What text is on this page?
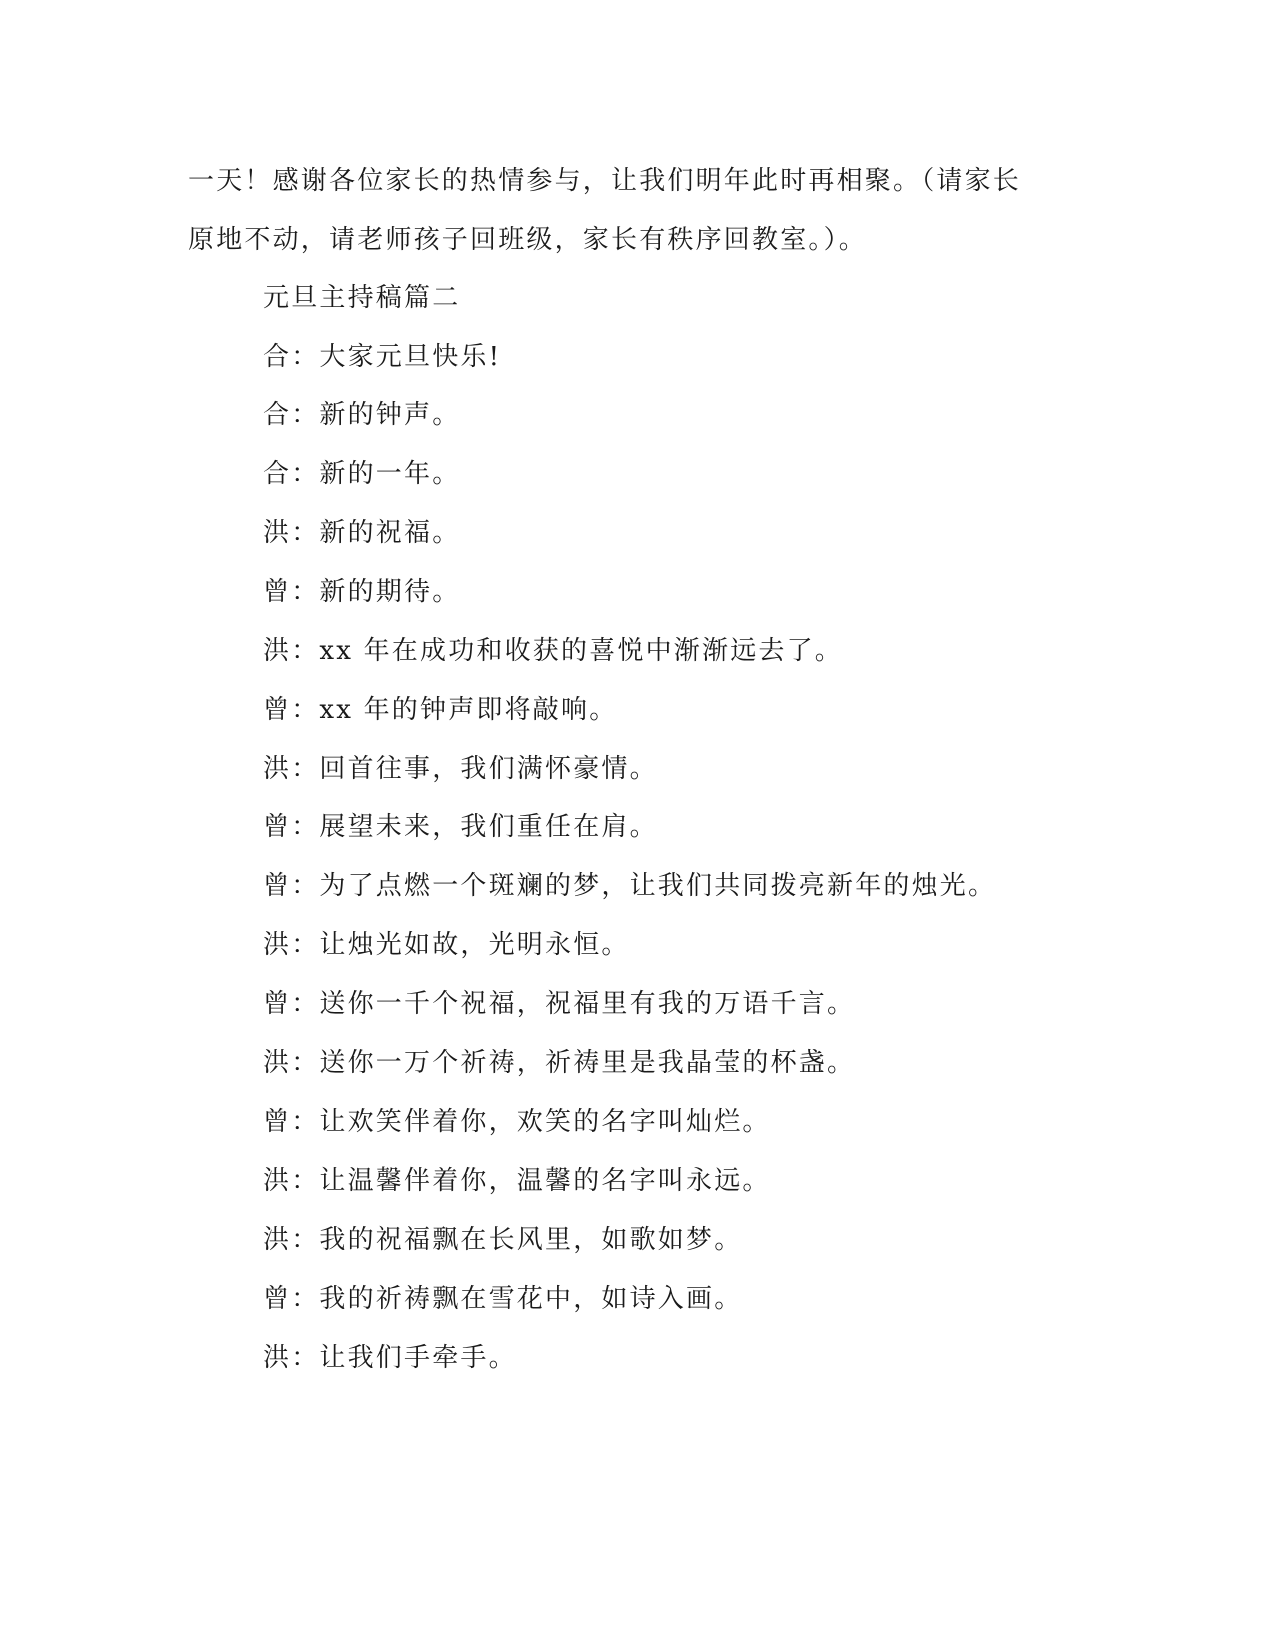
一天！感谢各位家长的热情参与，让我们明年此时再相聚。（请家长
原地不动，请老师孩子回班级，家长有秩序回教室。）。
元旦主持稿篇二
合：大家元旦快乐!
合：新的钟声。
合：新的一年。
洪：新的祝福。
曾：新的期待。
洪：xx 年在成功和收获的喜悦中渐渐远去了。
曾：xx 年的钟声即将敲响。
洪：回首往事，我们满怀豪情。
曾：展望未来，我们重任在肩。
曾：为了点燃一个斑斓的梦，让我们共同拨亮新年的烛光。
洪：让烛光如故，光明永恒。
曾：送你一千个祝福，祝福里有我的万语千言。
洪：送你一万个祈祷，祈祷里是我晶莹的杯盏。
曾：让欢笑伴着你，欢笑的名字叫灿烂。
洪：让温馨伴着你，温馨的名字叫永远。
洪：我的祝福飘在长风里，如歌如梦。
曾：我的祈祷飘在雪花中，如诗入画。
洪：让我们手牵手。
